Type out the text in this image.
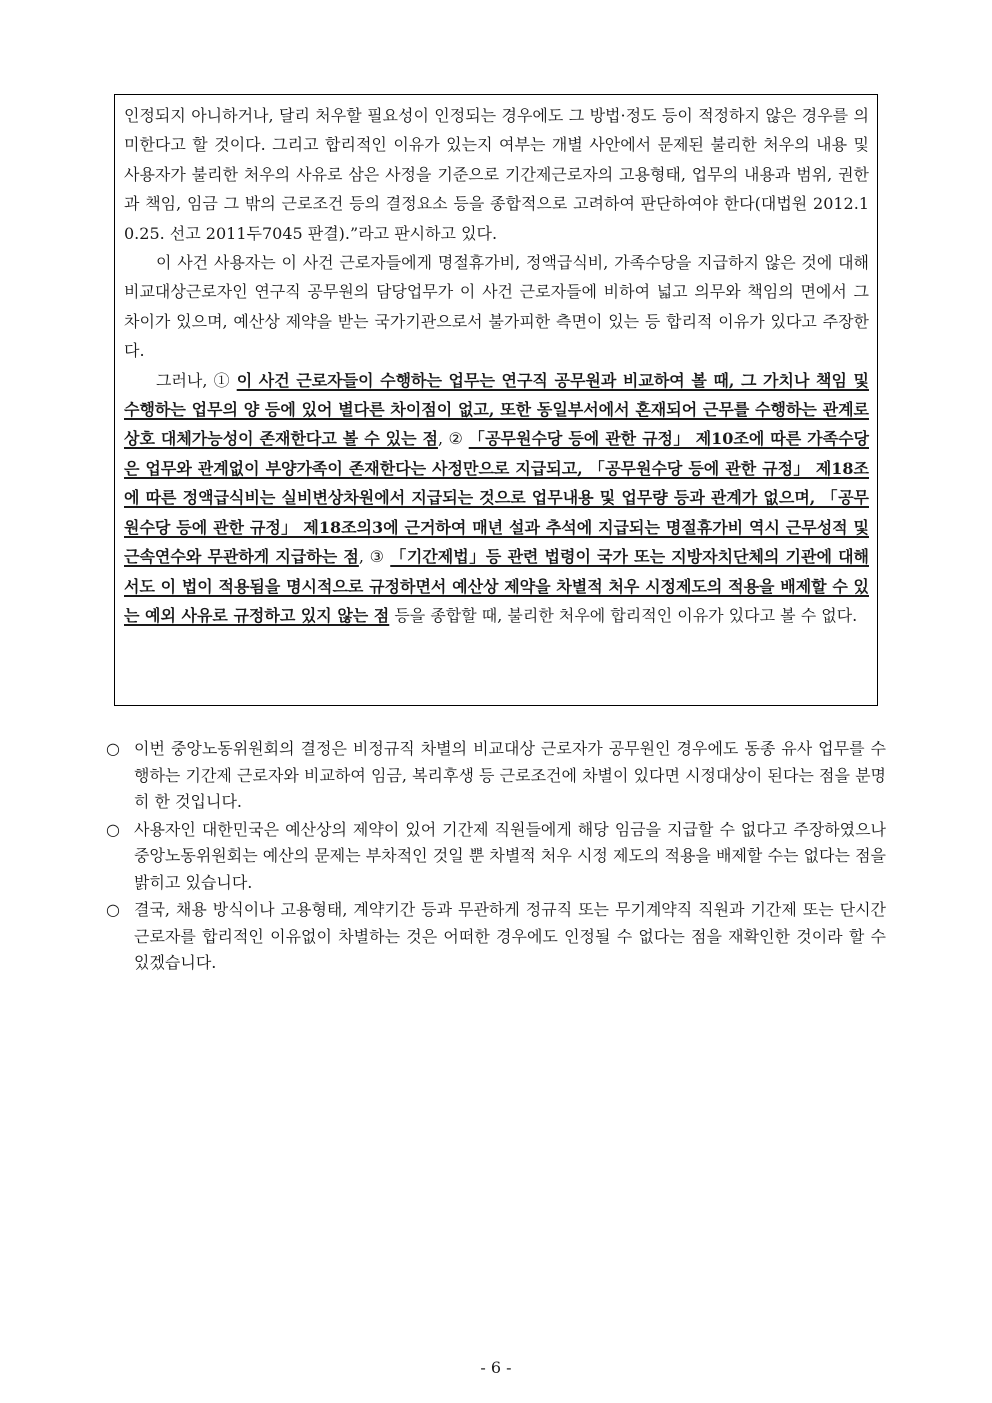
인정되지 아니하거나, 달리 처우할 필요성이 인정되는 경우에도 그 방법·정도 등이 적정하지 않은 경우를 의미한다고 할 것이다. 그리고 합리적인 이유가 있는지 여부는 개별 사안에서 문제된 불리한 처우의 내용 및 사용자가 불리한 처우의 사유로 삼은 사정을 기준으로 기간제근로자의 고용형태, 업무의 내용과 범위, 권한과 책임, 임금 그 밖의 근로조건 등의 결정요소 등을 종합적으로 고려하여 판단하여야 한다(대법원 2012.10.25. 선고 2011두7045 판결).”라고 판시하고 있다.

이 사건 사용자는 이 사건 근로자들에게 명절휴가비, 정액급식비, 가족수당을 지급하지 않은 것에 대해 비교대상근로자인 연구직 공무원의 담당업무가 이 사건 근로자들에 비하여 넓고 의무와 책임의 면에서 그 차이가 있으며, 예산상 제약을 받는 국가기관으로서 불가피한 측면이 있는 등 합리적 이유가 있다고 주장한다.

그러나, ① 이 사건 근로자들이 수행하는 업무는 연구직 공무원과 비교하여 볼 때, 그 가치나 책임 및 수행하는 업무의 양 등에 있어 별다른 차이점이 없고, 또한 동일부서에서 혼재되어 근무를 수행하는 관계로 상호 대체가능성이 존재한다고 볼 수 있는 점, ② 「공무원수당 등에 관한 규정」 제10조에 따른 가족수당은 업무와 관계없이 부양가족이 존재한다는 사정만으로 지급되고, 「공무원수당 등에 관한 규정」 제18조에 따른 정액급식비는 실비변상차원에서 지급되는 것으로 업무내용 및 업무량 등과 관계가 없으며, 「공무원수당 등에 관한 규정」 제18조의3에 근거하여 매년 설과 추석에 지급되는 명절휴가비 역시 근무성적 및 근속연수와 무관하게 지급하는 점, ③ 「기간제법」등 관련 법령이 국가 또는 지방자치단체의 기관에 대해서도 이 법이 적용됨을 명시적으로 규정하면서 예산상 제약을 차별적 처우 시정제도의 적용을 배제할 수 있는 예외 사유로 규정하고 있지 않는 점 등을 종합할 때, 불리한 처우에 합리적인 이유가 있다고 볼 수 없다.

○ 이번 중앙노동위원회의 결정은 비정규직 차별의 비교대상 근로자가 공무원인 경우에도 동종 유사 업무를 수행하는 기간제 근로자와 비교하여 임금, 복리후생 등 근로조건에 차별이 있다면 시정대상이 된다는 점을 분명히 한 것입니다.
○ 사용자인 대한민국은 예산상의 제약이 있어 기간제 직원들에게 해당 임금을 지급할 수 없다고 주장하였으나 중앙노동위원회는 예산의 문제는 부차적인 것일 뿐 차별적 처우 시정 제도의 적용을 배제할 수는 없다는 점을 밝히고 있습니다.
○ 결국, 채용 방식이나 고용형태, 계약기간 등과 무관하게 정규직 또는 무기계약직 직원과 기간제 또는 단시간 근로자를 합리적인 이유없이 차별하는 것은 어떠한 경우에도 인정될 수 없다는 점을 재확인한 것이라 할 수 있겠습니다.
- 6 -
